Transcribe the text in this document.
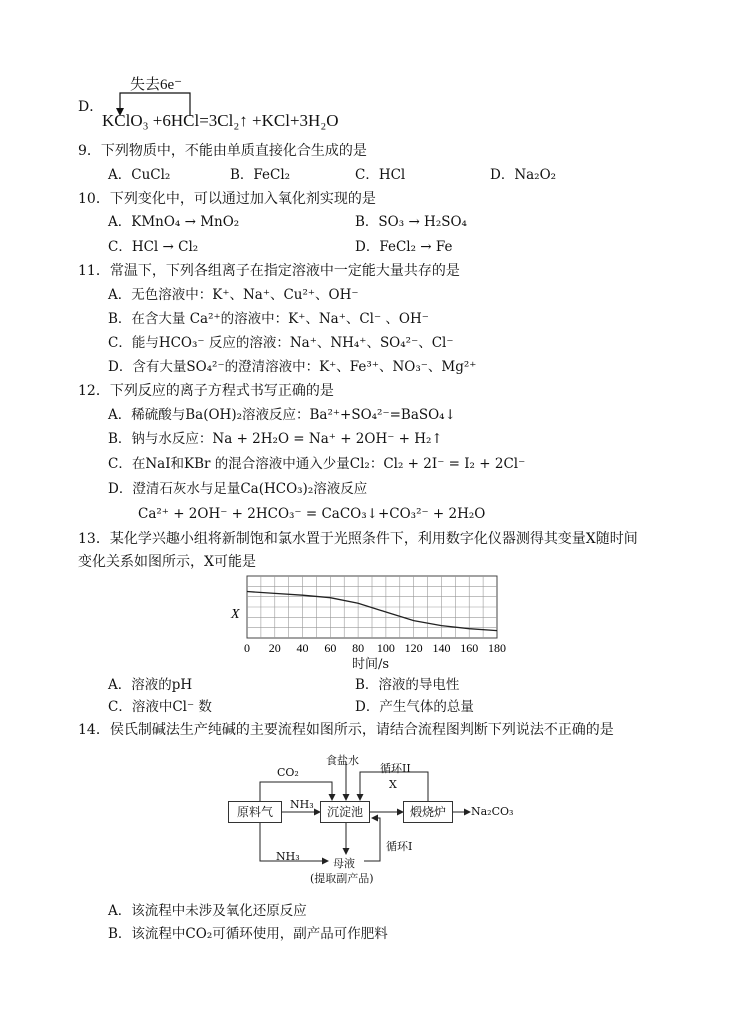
D．
失去6e⁻
KClO₃ +6HCl=3Cl₂↑ +KCl+3H₂O
9．下列物质中，不能由单质直接化合生成的是
A．CuCl₂	B．FeCl₂	C．HCl	D．Na₂O₂
10．下列变化中，可以通过加入氧化剂实现的是
A．KMnO₄ → MnO₂	B．SO₃ → H₂SO₄
C．HCl → Cl₂	D．FeCl₂ → Fe
11．常温下，下列各组离子在指定溶液中一定能大量共存的是
A．无色溶液中：K⁺、Na⁺、Cu²⁺、OH⁻
B．在含大量 Ca²⁺的溶液中：K⁺、Na⁺、Cl⁻ 、OH⁻
C．能与HCO₃⁻ 反应的溶液：Na⁺、NH₄⁺、SO₄²⁻、Cl⁻
D．含有大量SO₄²⁻的澄清溶液中：K⁺、Fe³⁺、NO₃⁻、Mg²⁺
12．下列反应的离子方程式书写正确的是
A．稀硫酸与Ba(OH)₂溶液反应：Ba²⁺+SO₄²⁻=BaSO₄↓
B．钠与水反应：Na + 2H₂O = Na⁺ + 2OH⁻ + H₂↑
C．在NaI和KBr 的混合溶液中通入少量Cl₂：Cl₂ + 2I⁻ = I₂ + 2Cl⁻
D．澄清石灰水与足量Ca(HCO₃)₂溶液反应
Ca²⁺ + 2OH⁻ + 2HCO₃⁻ = CaCO₃↓+CO₃²⁻ + 2H₂O
13．某化学兴趣小组将新制饱和氯水置于光照条件下，利用数字化仪器测得其变量X随时间
变化关系如图所示，X可能是
0 20 40 60 80 100 120 140 160 180
X
时间/s
A．溶液的pH	B．溶液的导电性
C．溶液中Cl⁻ 数	D．产生气体的总量
14．侯氏制碱法生产纯碱的主要流程如图所示，请结合流程图判断下列说法不正确的是
原料气	沉淀池	煅烧炉	Na₂CO₃
CO₂
NH₃
NH₃
食盐水
循环II
X
循环I
母液
(提取副产品)
A．该流程中未涉及氧化还原反应
B．该流程中CO₂可循环使用，副产品可作肥料
